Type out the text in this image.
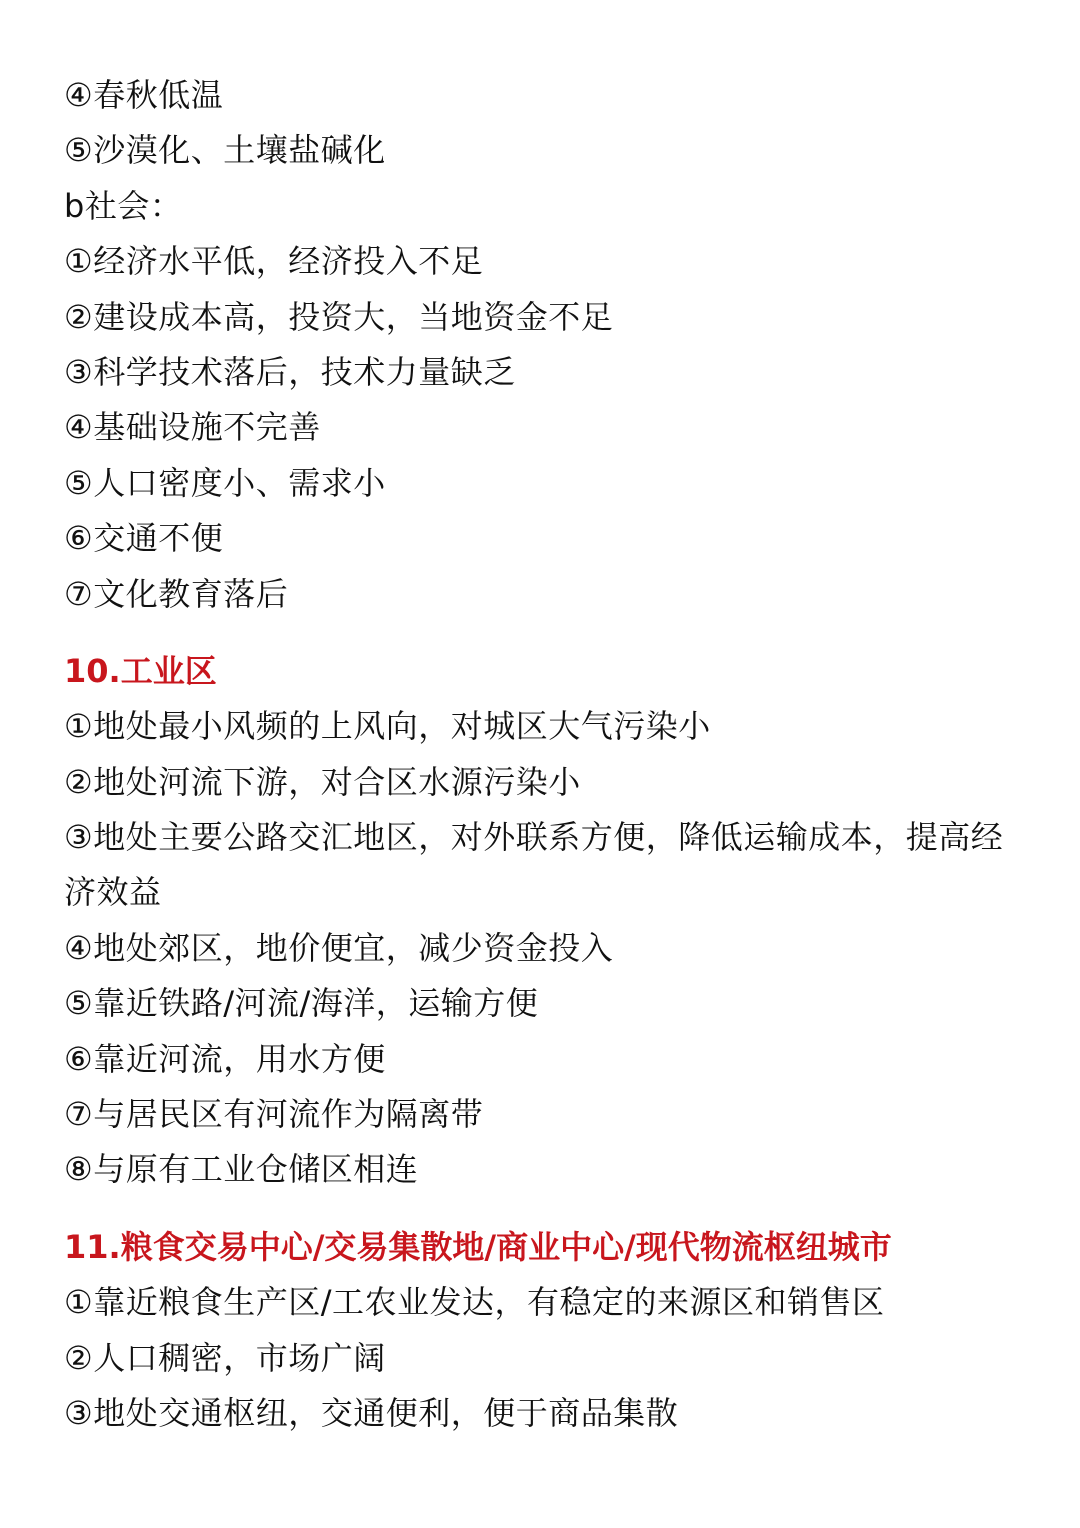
④春秋低温
⑤沙漠化、土壤盐碱化
b社会：
①经济水平低，经济投入不足
②建设成本高，投资大，当地资金不足
③科学技术落后，技术力量缺乏
④基础设施不完善
⑤人口密度小、需求小
⑥交通不便
⑦文化教育落后
10.工业区
①地处最小风频的上风向，对城区大气污染小
②地处河流下游，对合区水源污染小
③地处主要公路交汇地区，对外联系方便，降低运输成本，提高经济效益
④地处郊区，地价便宜，减少资金投入
⑤靠近铁路/河流/海洋，运输方便
⑥靠近河流，用水方便
⑦与居民区有河流作为隔离带
⑧与原有工业仓储区相连
11.粮食交易中心/交易集散地/商业中心/现代物流枢纽城市
①靠近粮食生产区/工农业发达，有稳定的来源区和销售区
②人口稠密，市场广阔
③地处交通枢纽，交通便利，便于商品集散
